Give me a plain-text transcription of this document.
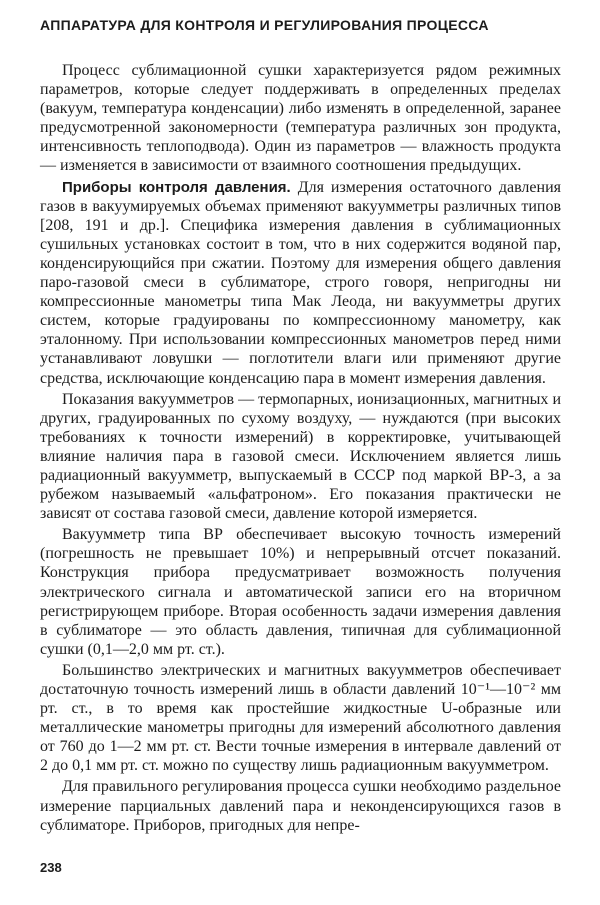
АППАРАТУРА ДЛЯ КОНТРОЛЯ И РЕГУЛИРОВАНИЯ ПРОЦЕССА

Процесс сублимационной сушки характеризуется рядом режимных параметров, которые следует поддерживать в определенных пределах (вакуум, температура конденсации) либо изменять в определенной, заранее предусмотренной закономерности (температура различных зон продукта, интенсивность теплоподвода). Один из параметров — влажность продукта — изменяется в зависимости от взаимного соотношения предыдущих.

Приборы контроля давления. Для измерения остаточного давления газов в вакуумируемых объемах применяют вакуумметры различных типов [208, 191 и др.]. Специфика измерения давления в сублимационных сушильных установках состоит в том, что в них содержится водяной пар, конденсирующийся при сжатии. Поэтому для измерения общего давления паро-газовой смеси в сублиматоре, строго говоря, непригодны ни компрессионные манометры типа Мак Леода, ни вакуумметры других систем, которые градуированы по компрессионному манометру, как эталонному. При использовании компрессионных манометров перед ними устанавливают ловушки — поглотители влаги или применяют другие средства, исключающие конденсацию пара в момент измерения давления.

Показания вакуумметров — термопарных, ионизационных, магнитных и других, градуированных по сухому воздуху, — нуждаются (при высоких требованиях к точности измерений) в корректировке, учитывающей влияние наличия пара в газовой смеси. Исключением является лишь радиационный вакуумметр, выпускаемый в СССР под маркой ВР-3, а за рубежом называемый «альфатроном». Его показания практически не зависят от состава газовой смеси, давление которой измеряется.

Вакуумметр типа ВР обеспечивает высокую точность измерений (погрешность не превышает 10%) и непрерывный отсчет показаний. Конструкция прибора предусматривает возможность получения электрического сигнала и автоматической записи его на вторичном регистрирующем приборе. Вторая особенность задачи измерения давления в сублиматоре — это область давления, типичная для сублимационной сушки (0,1—2,0 мм рт. ст.).

Большинство электрических и магнитных вакуумметров обеспечивает достаточную точность измерений лишь в области давлений 10⁻¹—10⁻² мм рт. ст., в то время как простейшие жидкостные U-образные или металлические манометры пригодны для измерений абсолютного давления от 760 до 1—2 мм рт. ст. Вести точные измерения в интервале давлений от 2 до 0,1 мм рт. ст. можно по существу лишь радиационным вакуумметром.

Для правильного регулирования процесса сушки необходимо раздельное измерение парциальных давлений пара и неконденсирующихся газов в сублиматоре. Приборов, пригодных для непре-

238
